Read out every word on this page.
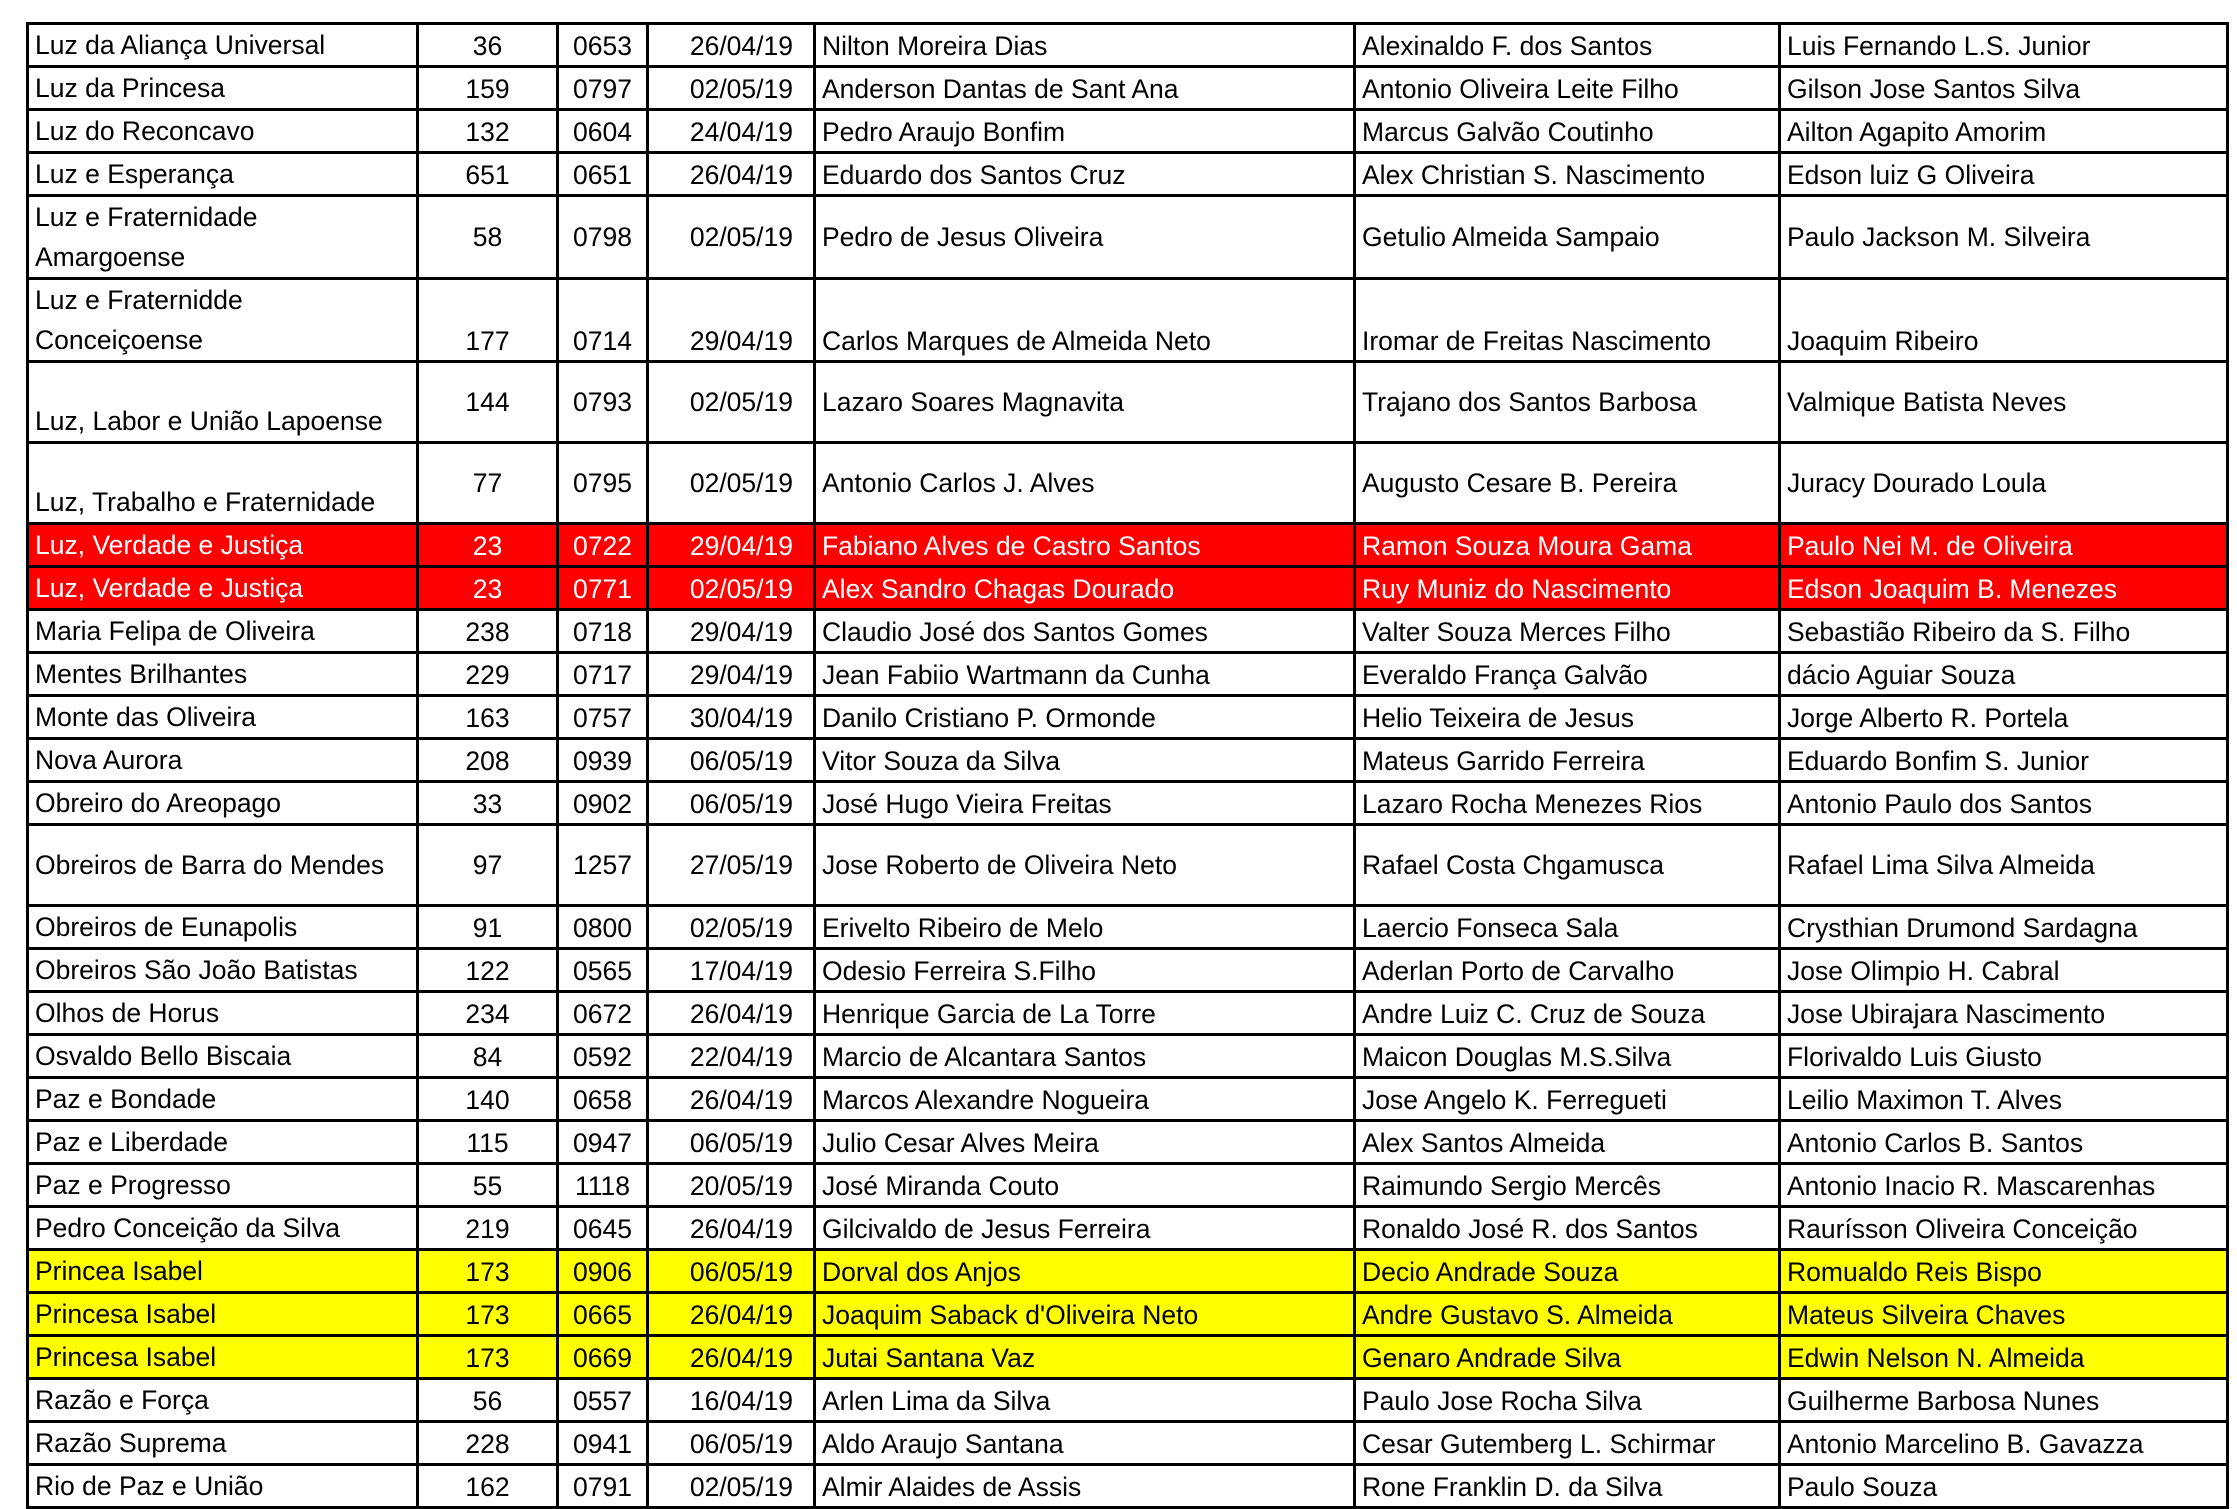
Luz da Aliança Universal	36	0653	26/04/19	Nilton Moreira Dias	Alexinaldo F. dos Santos	Luis Fernando L.S. Junior
Luz da Princesa	159	0797	02/05/19	Anderson Dantas de Sant Ana	Antonio Oliveira Leite Filho	Gilson Jose Santos Silva
Luz do Reconcavo	132	0604	24/04/19	Pedro Araujo Bonfim	Marcus Galvão Coutinho	Ailton Agapito Amorim
Luz e Esperança	651	0651	26/04/19	Eduardo dos Santos Cruz	Alex Christian S. Nascimento	Edson luiz G Oliveira
Luz e Fraternidade Amargoense	58	0798	02/05/19	Pedro de Jesus Oliveira	Getulio Almeida Sampaio	Paulo Jackson M. Silveira
Luz e Fraternidde Conceiçoense	177	0714	29/04/19	Carlos Marques de Almeida Neto	Iromar de Freitas Nascimento	Joaquim Ribeiro
Luz, Labor e União Lapoense	144	0793	02/05/19	Lazaro Soares Magnavita	Trajano dos Santos Barbosa	Valmique Batista Neves
Luz, Trabalho e Fraternidade	77	0795	02/05/19	Antonio Carlos J. Alves	Augusto Cesare B. Pereira	Juracy Dourado Loula
Luz, Verdade e Justiça	23	0722	29/04/19	Fabiano Alves de Castro Santos	Ramon Souza Moura Gama	Paulo Nei M. de Oliveira
Luz, Verdade e Justiça	23	0771	02/05/19	Alex Sandro Chagas Dourado	Ruy Muniz do Nascimento	Edson Joaquim B. Menezes
Maria Felipa de Oliveira	238	0718	29/04/19	Claudio José dos Santos Gomes	Valter Souza Merces Filho	Sebastião Ribeiro da S. Filho
Mentes Brilhantes	229	0717	29/04/19	Jean Fabiio Wartmann da Cunha	Everaldo França Galvão	dácio Aguiar Souza
Monte das Oliveira	163	0757	30/04/19	Danilo Cristiano P. Ormonde	Helio Teixeira de Jesus	Jorge Alberto R. Portela
Nova Aurora	208	0939	06/05/19	Vitor Souza da Silva	Mateus Garrido Ferreira	Eduardo Bonfim S. Junior
Obreiro do Areopago	33	0902	06/05/19	José Hugo Vieira Freitas	Lazaro Rocha Menezes Rios	Antonio Paulo dos Santos
Obreiros de Barra do Mendes	97	1257	27/05/19	Jose Roberto de Oliveira Neto	Rafael Costa Chgamusca	Rafael Lima Silva Almeida
Obreiros de Eunapolis	91	0800	02/05/19	Erivelto Ribeiro de Melo	Laercio Fonseca Sala	Crysthian Drumond Sardagna
Obreiros São João Batistas	122	0565	17/04/19	Odesio Ferreira S.Filho	Aderlan Porto de Carvalho	Jose Olimpio H. Cabral
Olhos de Horus	234	0672	26/04/19	Henrique Garcia de La Torre	Andre Luiz C. Cruz de Souza	Jose Ubirajara Nascimento
Osvaldo Bello Biscaia	84	0592	22/04/19	Marcio de Alcantara Santos	Maicon Douglas M.S.Silva	Florivaldo Luis Giusto
Paz e Bondade	140	0658	26/04/19	Marcos Alexandre Nogueira	Jose Angelo K. Ferregueti	Leilio Maximon T. Alves
Paz e Liberdade	115	0947	06/05/19	Julio Cesar Alves Meira	Alex Santos Almeida	Antonio Carlos B. Santos
Paz e Progresso	55	1118	20/05/19	José Miranda Couto	Raimundo Sergio Mercês	Antonio Inacio R. Mascarenhas
Pedro Conceição da Silva	219	0645	26/04/19	Gilcivaldo de Jesus Ferreira	Ronaldo José R. dos Santos	Raurísson Oliveira Conceição
Princea Isabel	173	0906	06/05/19	Dorval dos Anjos	Decio Andrade Souza	Romualdo Reis Bispo
Princesa Isabel	173	0665	26/04/19	Joaquim Saback d'Oliveira Neto	Andre Gustavo S. Almeida	Mateus Silveira Chaves
Princesa Isabel	173	0669	26/04/19	Jutai Santana Vaz	Genaro Andrade Silva	Edwin Nelson N. Almeida
Razão e Força	56	0557	16/04/19	Arlen Lima da Silva	Paulo Jose Rocha Silva	Guilherme Barbosa Nunes
Razão Suprema	228	0941	06/05/19	Aldo Araujo Santana	Cesar Gutemberg L. Schirmar	Antonio Marcelino B. Gavazza
Rio de Paz e União	162	0791	02/05/19	Almir Alaides de Assis	Rone Franklin D. da Silva	Paulo Souza
